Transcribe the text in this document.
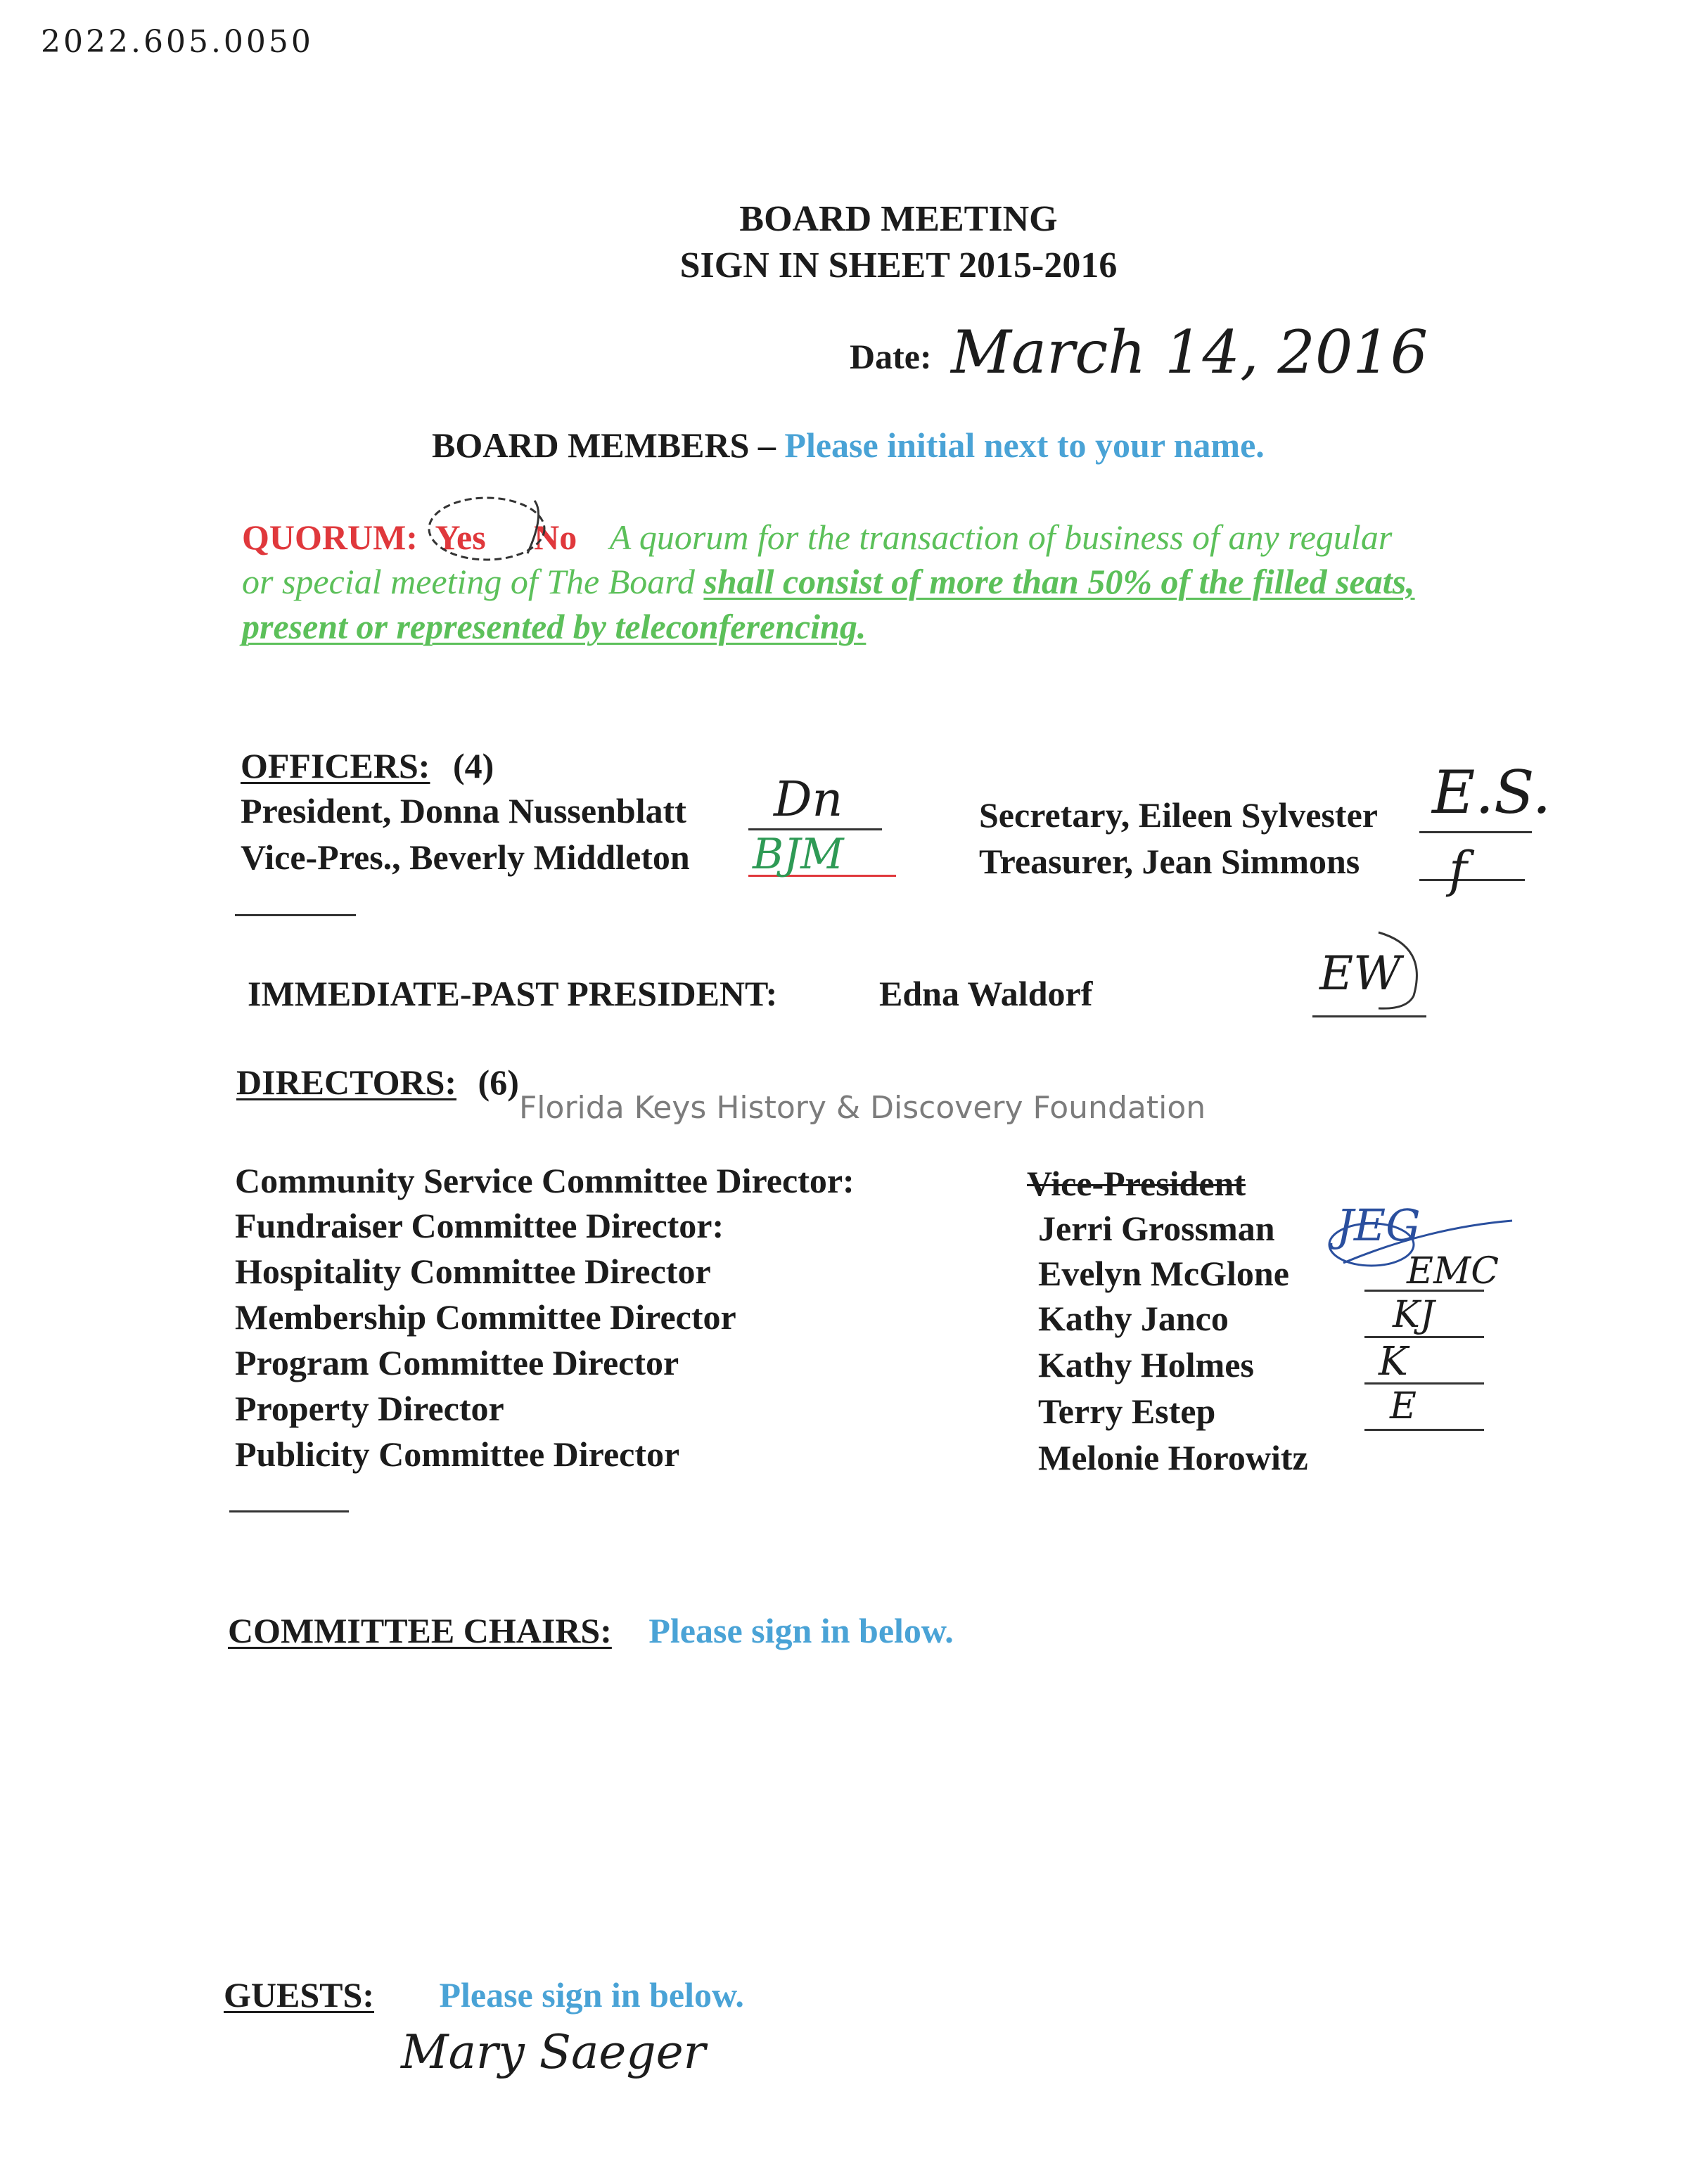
2022.605.0050
BOARD MEETING
SIGN IN SHEET 2015-2016
Date: March 14, 2016
BOARD MEMBERS – Please initial next to your name.
QUORUM: Yes No A quorum for the transaction of business of any regular
or special meeting of The Board shall consist of more than 50% of the filled seats,
present or represented by teleconferencing.
OFFICERS: (4)
President, Donna Nussenblatt Dn
Vice-Pres., Beverly Middleton BJM
Secretary, Eileen Sylvester E.S.
Treasurer, Jean Simmons f
IMMEDIATE-PAST PRESIDENT:	Edna Waldorf	EW
DIRECTORS: (6)
Florida Keys History & Discovery Foundation
Community Service Committee Director:
Fundraiser Committee Director:
Hospitality Committee Director
Membership Committee Director
Program Committee Director
Property Director
Publicity Committee Director
Vice-President
Jerri Grossman
Evelyn McGlone
Kathy Janco
Kathy Holmes
Terry Estep
Melonie Horowitz
JEG
EMC
KJ
K
E
COMMITTEE CHAIRS: Please sign in below.
GUESTS: Please sign in below.
Mary Saeger
